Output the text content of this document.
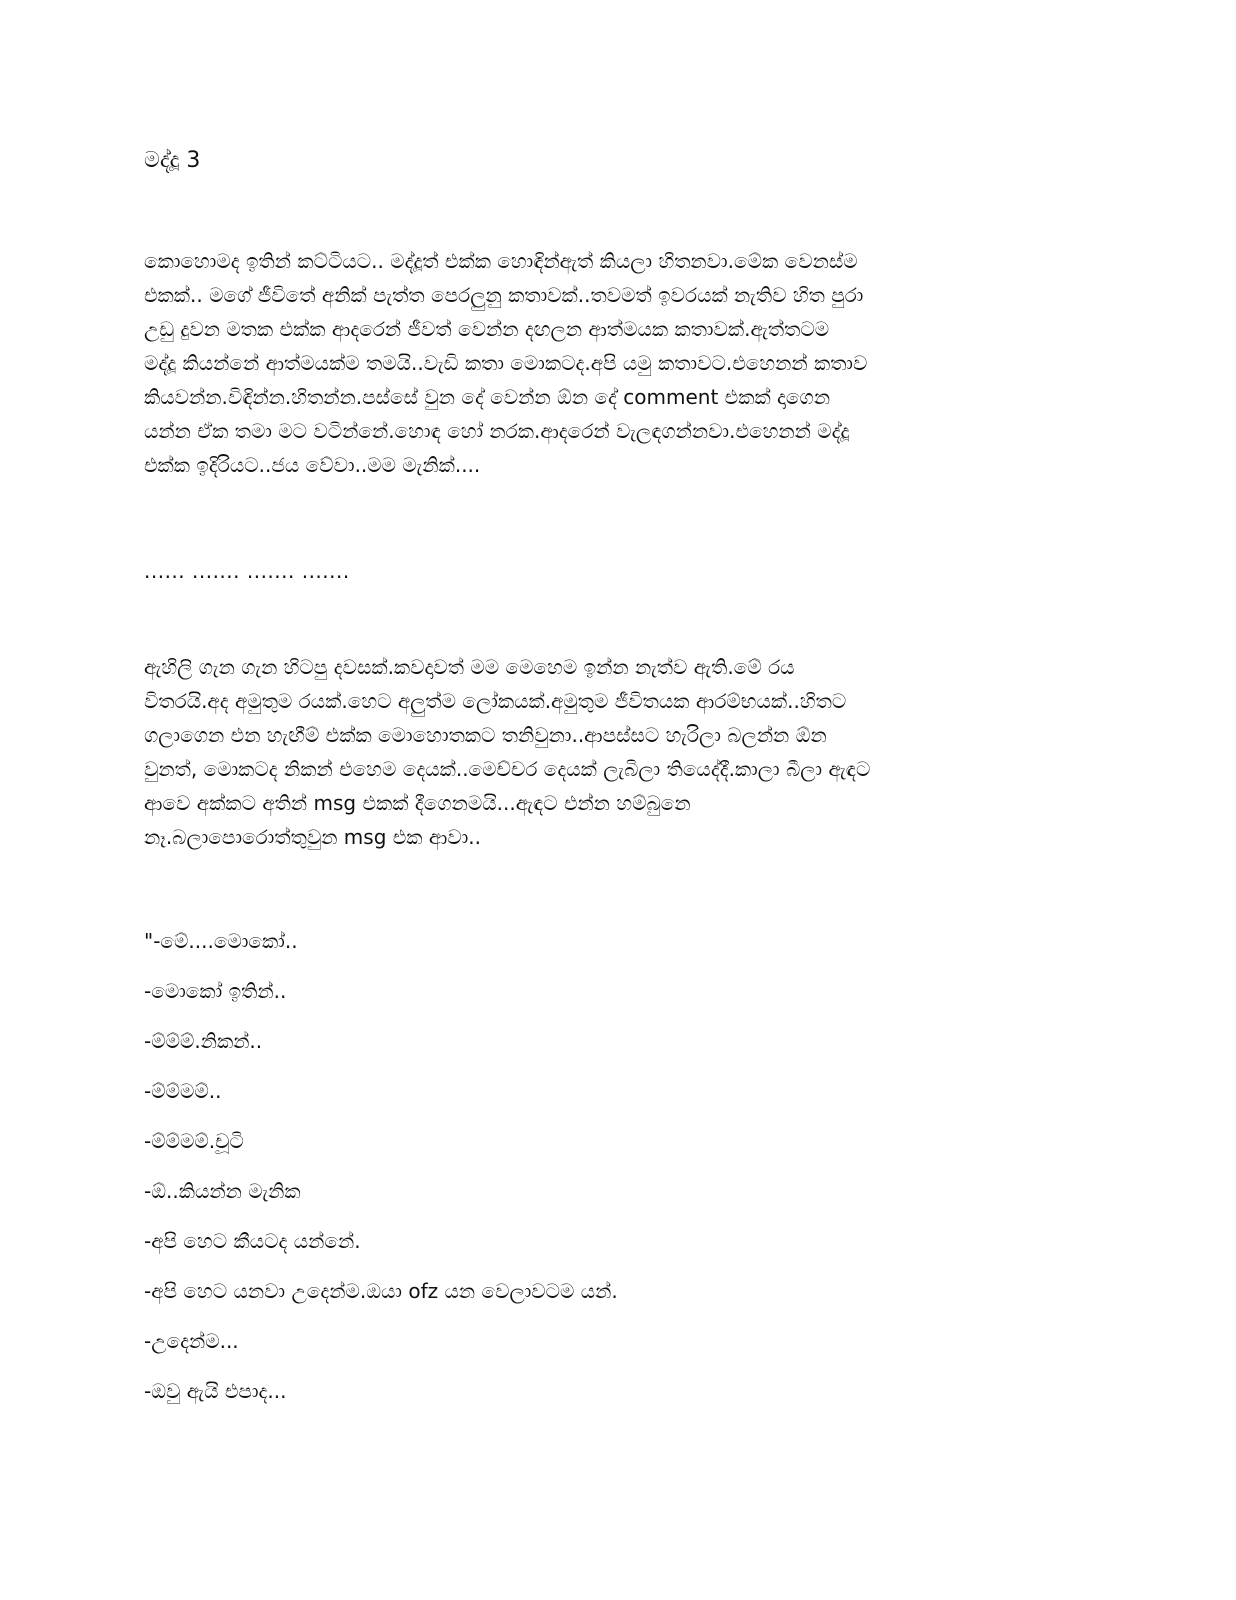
මද්දූ 3

කොහොමද ඉතින් කට්ටියට.. මද්දූත් එක්ක හොඳින්ඇත් කියලා හිතනවා.මේක වෙනස්ම
එකක්.. මගේ ජීවිතේ අනික් පැත්ත පෙරලුනු කතාවක්..තවමත් ඉවරයක් නැතිව හිත පුරා
උඩු දුවන මතක එක්ක ආදරෙන් ජීවත් වෙන්න දඟලන ආත්මයක කතාවක්.ඇත්තටම
මද්දූ කියන්නේ ආත්මයක්ම තමයි..වැඩි කතා මොකටද.අපි යමු කතාවට.එහෙනන් කතාව
කියවන්න.විඳින්න.හිතන්න.පස්සේ වුන දේ වෙන්න ඕන දේ comment එකක් දාගෙන
යන්න ඒක තමා මට වටින්නේ.හොඳ හෝ නරක.ආදරෙන් වැලඳගන්නවා.එහෙනන් මද්දූ
එක්ක ඉදිරියට..ජය වේවා..මම මැනික්....

...... ....... ....... .......

ඇහිලි ගැන ගැන හිටපු දවසක්.කවදාවත් මම මෙහෙම ඉන්න නැත්ව ඇති.මේ රය
විතරයි.අද අමුතුම රයක්.හෙට අලුත්ම ලෝකයක්.අමුතුම ජීවිතයක ආරම්භයක්..හිතට
ගලාගෙන එන හැඟීම් එක්ක මොහොතකට තනිවුනා..ආපස්සට හැරිලා බලන්න ඕන
වුනත්, මොකටද නිකන් එහෙම දෙයක්..මෙච්චර දෙයක් ලැබිලා තියෙද්දී.කාලා බීලා ඇඳට
ආවෙ අක්කට අතින් msg එකක් දීගෙනමයි...ඇඳට එන්න හම්බුනෙ
නෑ.බලාපොරොත්තුවුන msg එක ආවා..

"-මේ....මොකෝ..
-මොකෝ ඉතින්..
-ම්ම්ම්.නිකන්..
-ම්ම්මම්..
-ම්ම්මම්.චූටි
-ඕ..කියන්න මැනික
-අපි හෙට කීයටද යන්නේ.
-අපි හෙට යනවා උදෙන්ම.ඔයා ofz යන වෙලාවටම යන්.
-උදෙන්ම...
-ඔවු ඇයි එපාද...
